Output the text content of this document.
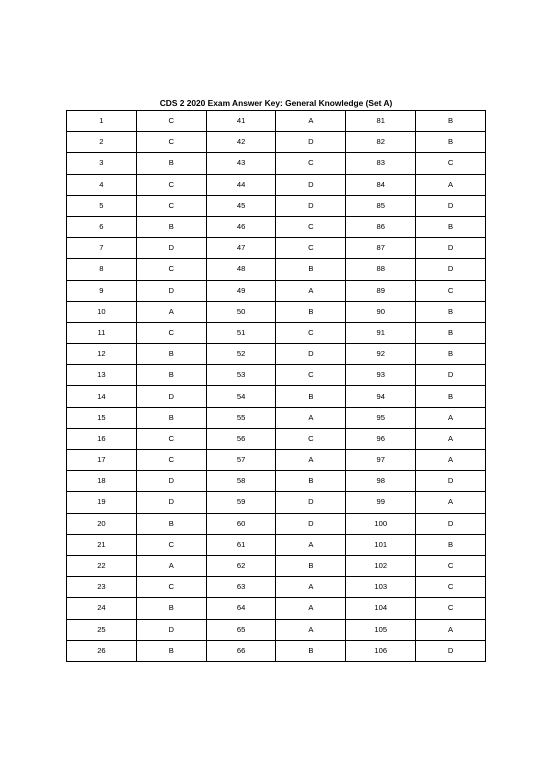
CDS 2 2020 Exam Answer Key: General Knowledge (Set A)
1	C	41	A	81	B
2	C	42	D	82	B
3	B	43	C	83	C
4	C	44	D	84	A
5	C	45	D	85	D
6	B	46	C	86	B
7	D	47	C	87	D
8	C	48	B	88	D
9	D	49	A	89	C
10	A	50	B	90	B
11	C	51	C	91	B
12	B	52	D	92	B
13	B	53	C	93	D
14	D	54	B	94	B
15	B	55	A	95	A
16	C	56	C	96	A
17	C	57	A	97	A
18	D	58	B	98	D
19	D	59	D	99	A
20	B	60	D	100	D
21	C	61	A	101	B
22	A	62	B	102	C
23	C	63	A	103	C
24	B	64	A	104	C
25	D	65	A	105	A
26	B	66	B	106	D
